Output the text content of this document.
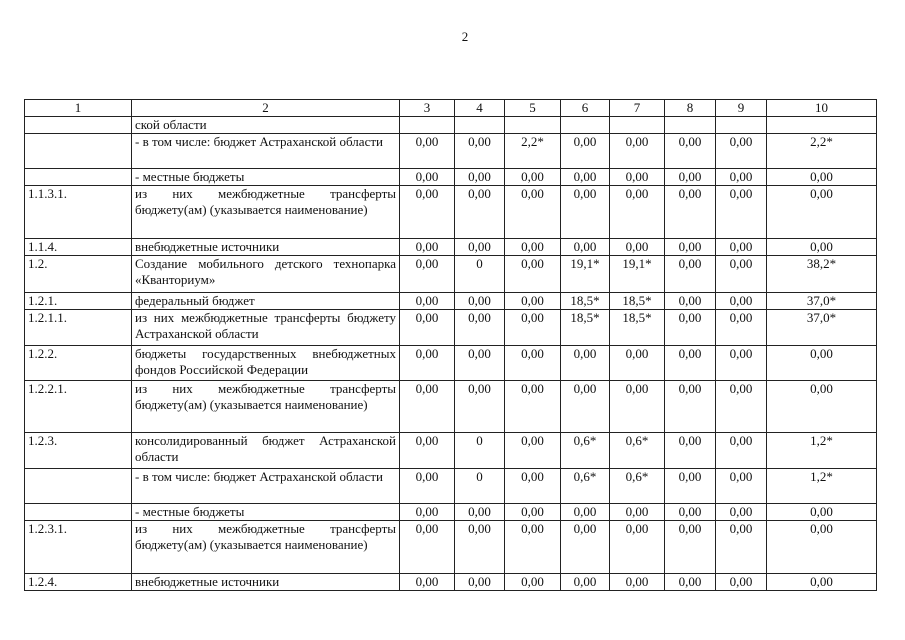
2
1	2	3	4	5	6	7	8	9	10
	ской области								
	- в том числе: бюджет Астраханской области	0,00	0,00	2,2*	0,00	0,00	0,00	0,00	2,2*
	- местные бюджеты	0,00	0,00	0,00	0,00	0,00	0,00	0,00	0,00
1.1.3.1.	из них межбюджетные трансферты бюджету(ам) (указывается наименование)	0,00	0,00	0,00	0,00	0,00	0,00	0,00	0,00
1.1.4.	внебюджетные источники	0,00	0,00	0,00	0,00	0,00	0,00	0,00	0,00
1.2.	Создание мобильного детского технопарка «Кванториум»	0,00	0	0,00	19,1*	19,1*	0,00	0,00	38,2*
1.2.1.	федеральный бюджет	0,00	0,00	0,00	18,5*	18,5*	0,00	0,00	37,0*
1.2.1.1.	из них межбюджетные трансферты бюджету Астраханской области	0,00	0,00	0,00	18,5*	18,5*	0,00	0,00	37,0*
1.2.2.	бюджеты государственных внебюджетных фондов Российской Федерации	0,00	0,00	0,00	0,00	0,00	0,00	0,00	0,00
1.2.2.1.	из них межбюджетные трансферты бюджету(ам) (указывается наименование)	0,00	0,00	0,00	0,00	0,00	0,00	0,00	0,00
1.2.3.	консолидированный бюджет Астраханской области	0,00	0	0,00	0,6*	0,6*	0,00	0,00	1,2*
	- в том числе: бюджет Астраханской области	0,00	0	0,00	0,6*	0,6*	0,00	0,00	1,2*
	- местные бюджеты	0,00	0,00	0,00	0,00	0,00	0,00	0,00	0,00
1.2.3.1.	из них межбюджетные трансферты бюджету(ам) (указывается наименование)	0,00	0,00	0,00	0,00	0,00	0,00	0,00	0,00
1.2.4.	внебюджетные источники	0,00	0,00	0,00	0,00	0,00	0,00	0,00	0,00
